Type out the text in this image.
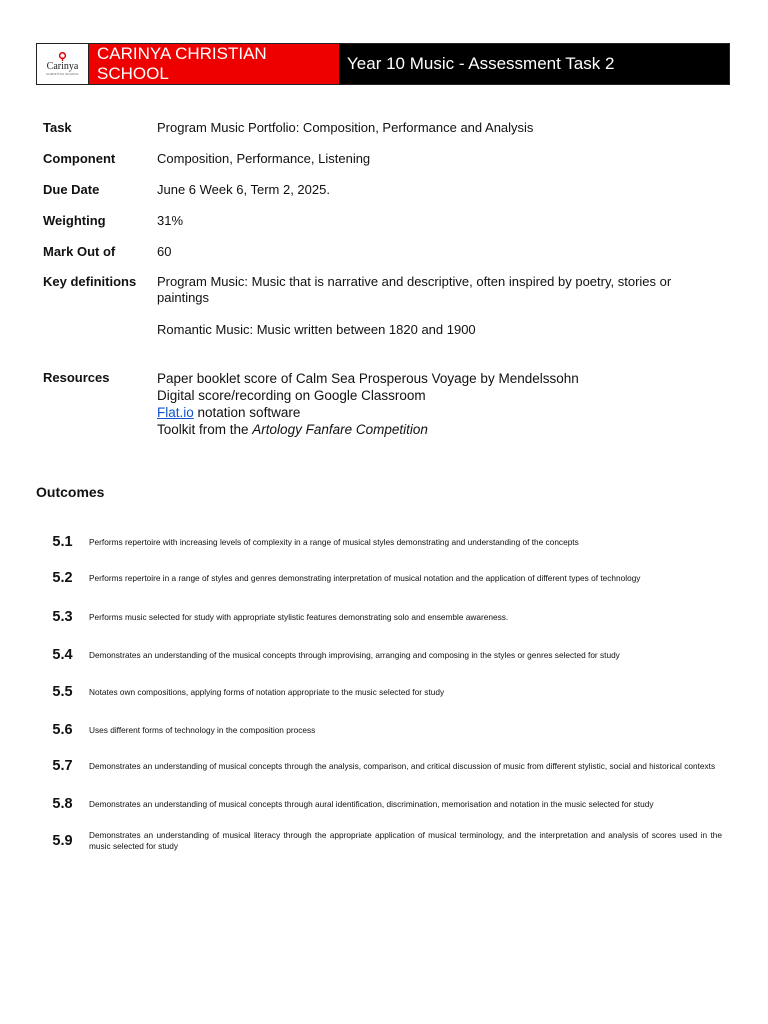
Carinya
CHRISTIAN SCHOOL
CARINYA CHRISTIAN SCHOOL
Year 10 Music - Assessment Task 2
Task	Program Music Portfolio: Composition, Performance and Analysis
Component	Composition, Performance, Listening
Due Date	June 6 Week 6, Term 2, 2025.
Weighting	31%
Mark Out of	60
Key definitions	Program Music: Music that is narrative and descriptive, often inspired by poetry, stories or paintings

Romantic Music: Music written between 1820 and 1900

Resources	Paper booklet score of Calm Sea Prosperous Voyage by Mendelssohn
Digital score/recording on Google Classroom
Flat.io notation software
Toolkit from the Artology Fanfare Competition
Outcomes
5.1	Performs repertoire with increasing levels of complexity in a range of musical styles demonstrating and understanding of the concepts
5.2	Performs repertoire in a range of styles and genres demonstrating interpretation of musical notation and the application of different types of technology
5.3	Performs music selected for study with appropriate stylistic features demonstrating solo and ensemble awareness.
5.4	Demonstrates an understanding of the musical concepts through improvising, arranging and composing in the styles or genres selected for study
5.5	Notates own compositions, applying forms of notation appropriate to the music selected for study
5.6	Uses different forms of technology in the composition process
5.7	Demonstrates an understanding of musical concepts through the analysis, comparison, and critical discussion of music from different stylistic, social and historical contexts
5.8	Demonstrates an understanding of musical concepts through aural identification, discrimination, memorisation and notation in the music selected for study
5.9	Demonstrates an understanding of musical literacy through the appropriate application of musical terminology, and the interpretation and analysis of scores used in the music selected for study
